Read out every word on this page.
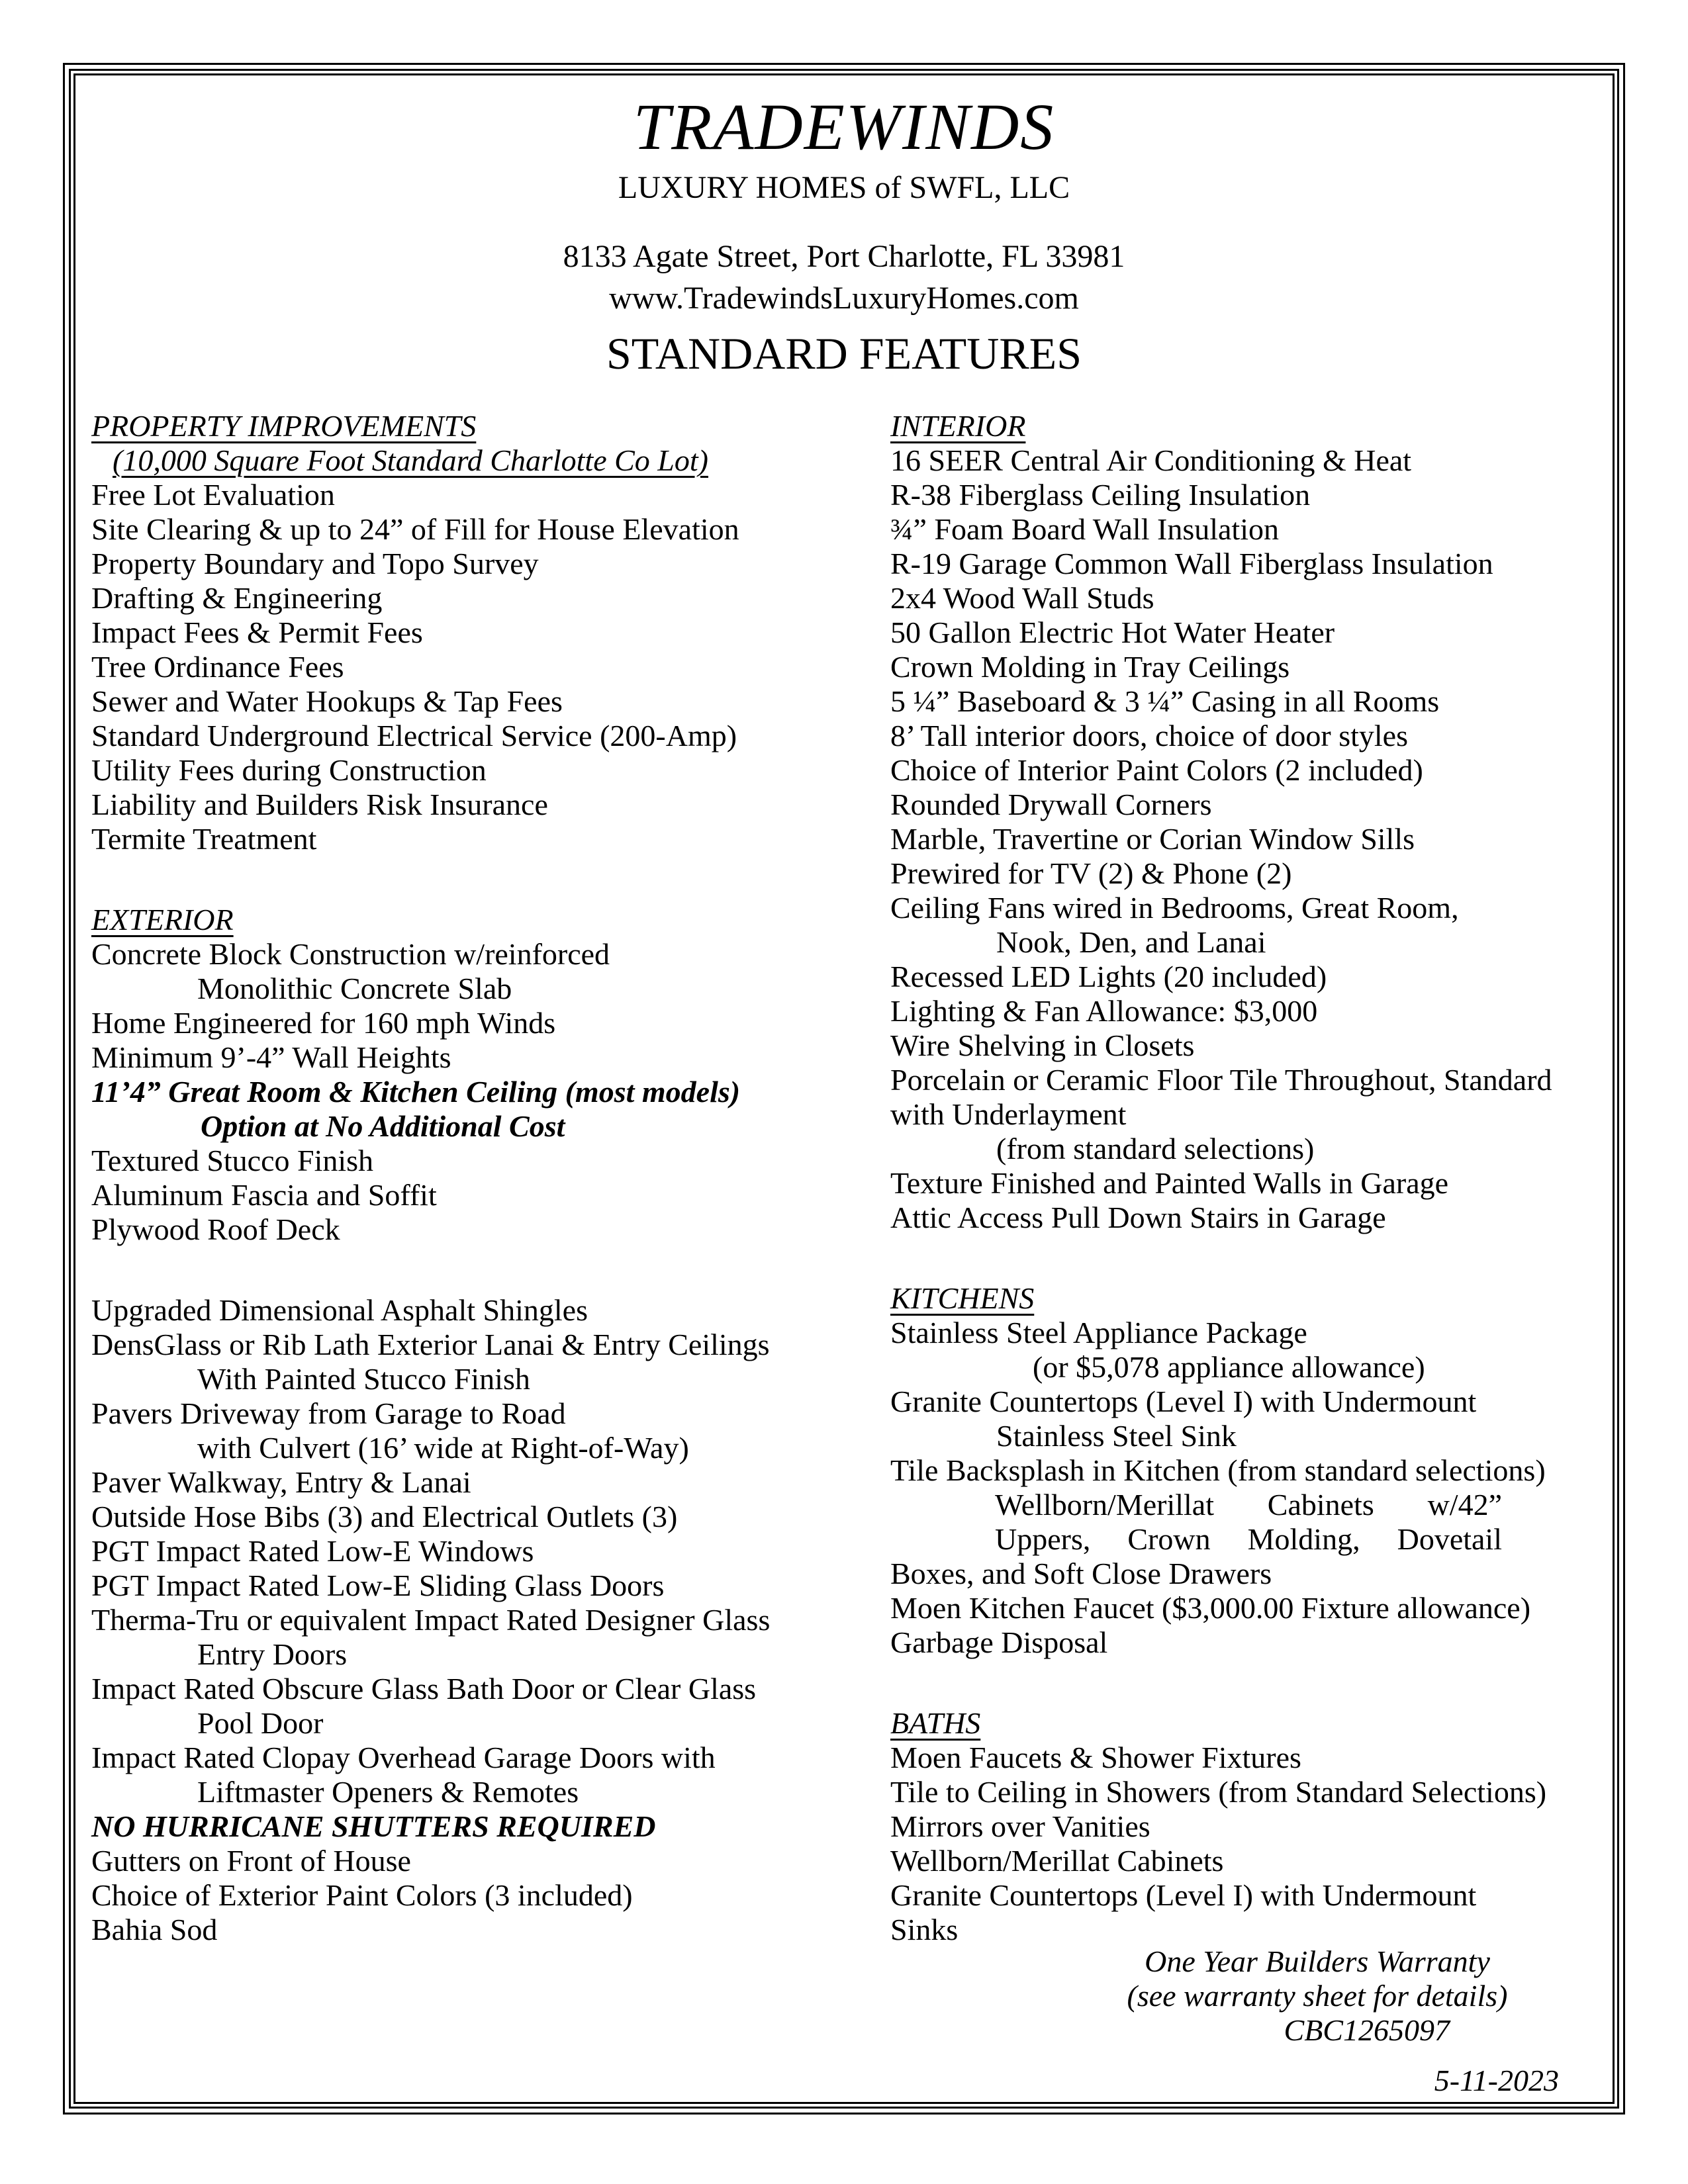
TRADEWINDS
LUXURY HOMES of SWFL, LLC
8133 Agate Street, Port Charlotte, FL 33981
www.TradewindsLuxuryHomes.com
STANDARD FEATURES
PROPERTY IMPROVEMENTS
(10,000 Square Foot Standard Charlotte Co Lot)
Free Lot Evaluation
Site Clearing & up to 24” of Fill for House Elevation
Property Boundary and Topo Survey
Drafting & Engineering
Impact Fees & Permit Fees
Tree Ordinance Fees
Sewer and Water Hookups & Tap Fees
Standard Underground Electrical Service (200-Amp)
Utility Fees during Construction
Liability and Builders Risk Insurance
Termite Treatment

EXTERIOR
Concrete Block Construction w/reinforced
Monolithic Concrete Slab
Home Engineered for 160 mph Winds
Minimum 9’-4” Wall Heights
11’4” Great Room & Kitchen Ceiling (most models)
Option at No Additional Cost
Textured Stucco Finish
Aluminum Fascia and Soffit
Plywood Roof Deck

Upgraded Dimensional Asphalt Shingles
DensGlass or Rib Lath Exterior Lanai & Entry Ceilings
With Painted Stucco Finish
Pavers Driveway from Garage to Road
with Culvert (16’ wide at Right-of-Way)
Paver Walkway, Entry & Lanai
Outside Hose Bibs (3) and Electrical Outlets (3)
PGT Impact Rated Low-E Windows
PGT Impact Rated Low-E Sliding Glass Doors
Therma-Tru or equivalent Impact Rated Designer Glass
Entry Doors
Impact Rated Obscure Glass Bath Door or Clear Glass
Pool Door
Impact Rated Clopay Overhead Garage Doors with
Liftmaster Openers & Remotes
NO HURRICANE SHUTTERS REQUIRED
Gutters on Front of House
Choice of Exterior Paint Colors (3 included)
Bahia Sod
INTERIOR
16 SEER Central Air Conditioning & Heat
R-38 Fiberglass Ceiling Insulation
¾” Foam Board Wall Insulation
R-19 Garage Common Wall Fiberglass Insulation
2x4 Wood Wall Studs
50 Gallon Electric Hot Water Heater
Crown Molding in Tray Ceilings
5 ¼” Baseboard & 3 ¼” Casing in all Rooms
8’ Tall interior doors, choice of door styles
Choice of Interior Paint Colors (2 included)
Rounded Drywall Corners
Marble, Travertine or Corian Window Sills
Prewired for TV (2) & Phone (2)
Ceiling Fans wired in Bedrooms, Great Room,
Nook, Den, and Lanai
Recessed LED Lights (20 included)
Lighting & Fan Allowance: $3,000
Wire Shelving in Closets
Porcelain or Ceramic Floor Tile Throughout, Standard
with Underlayment
(from standard selections)
Texture Finished and Painted Walls in Garage
Attic Access Pull Down Stairs in Garage

KITCHENS
Stainless Steel Appliance Package
(or $5,078 appliance allowance)
Granite Countertops (Level I) with Undermount
Stainless Steel Sink
Tile Backsplash in Kitchen (from standard selections)
Wellborn/Merillat Cabinets w/42”
Uppers, Crown Molding, Dovetail
Boxes, and Soft Close Drawers
Moen Kitchen Faucet ($3,000.00 Fixture allowance)
Garbage Disposal

BATHS
Moen Faucets & Shower Fixtures
Tile to Ceiling in Showers (from Standard Selections)
Mirrors over Vanities
Wellborn/Merillat Cabinets
Granite Countertops (Level I) with Undermount
Sinks
One Year Builders Warranty
(see warranty sheet for details)
CBC1265097
5-11-2023
